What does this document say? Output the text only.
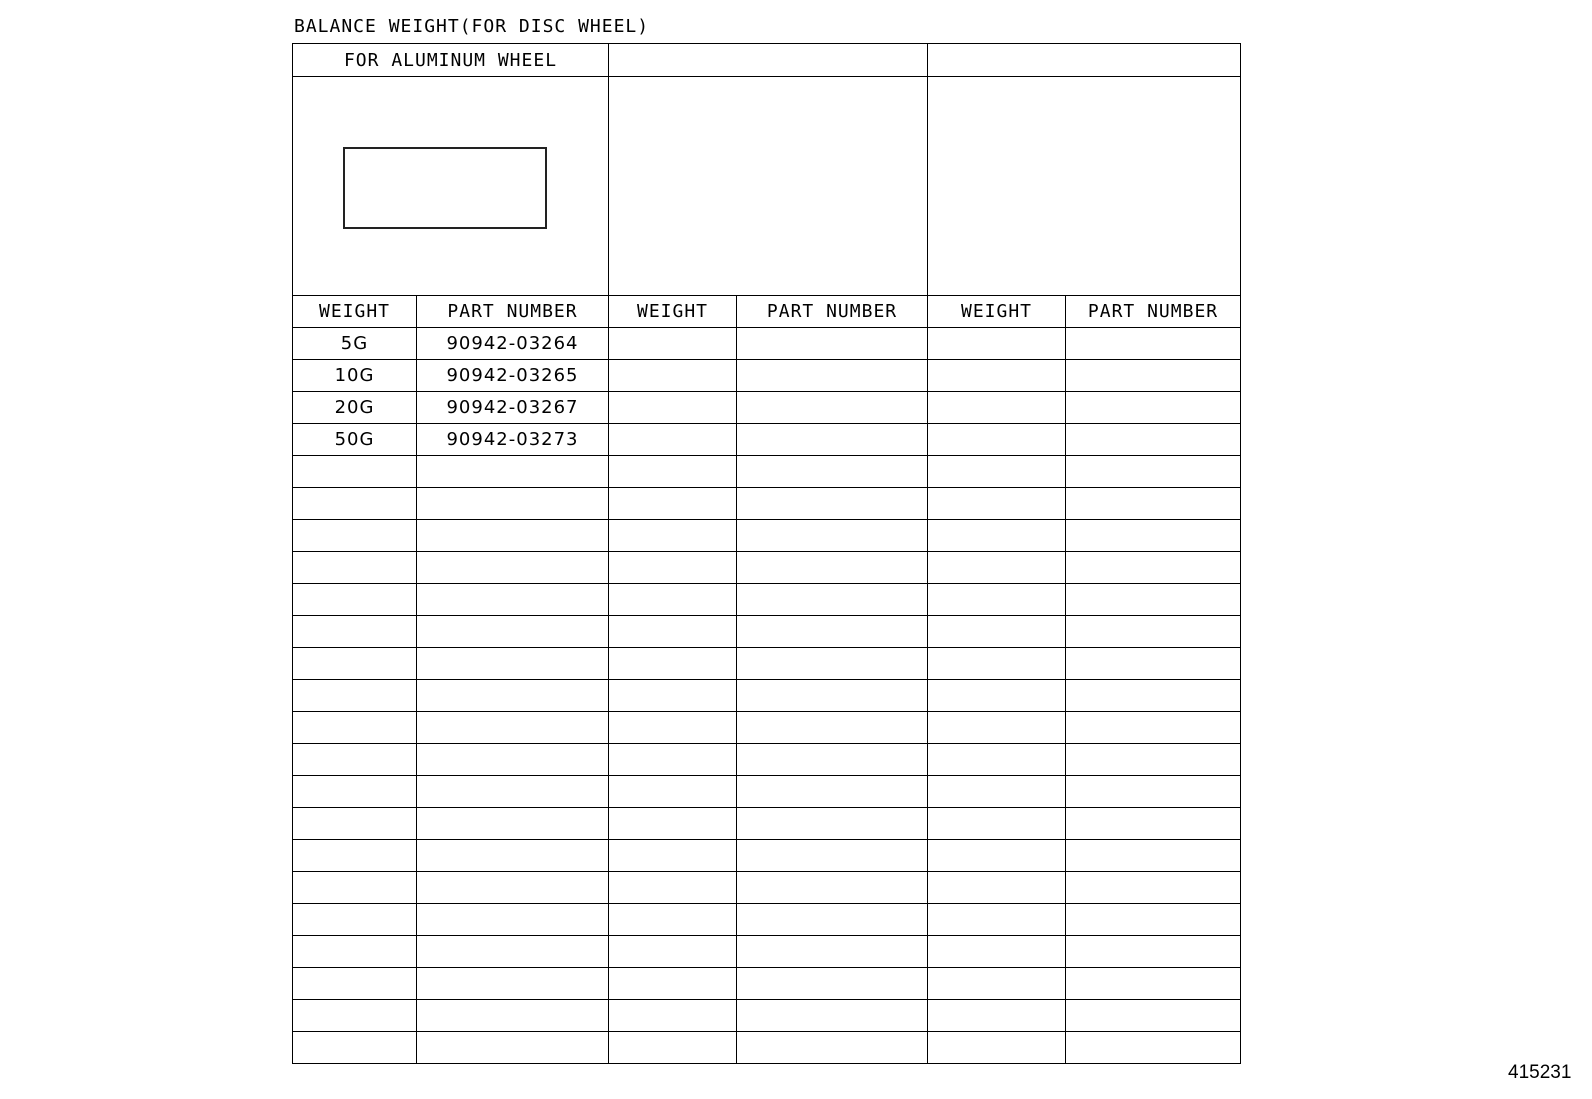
BALANCE WEIGHT(FOR DISC WHEEL)
FOR ALUMINUM WHEEL					

WEIGHT	PART NUMBER	WEIGHT	PART NUMBER	WEIGHT	PART NUMBER
5G	90942-03264				
10G	90942-03265				
20G	90942-03267				
50G	90942-03273				

415231
